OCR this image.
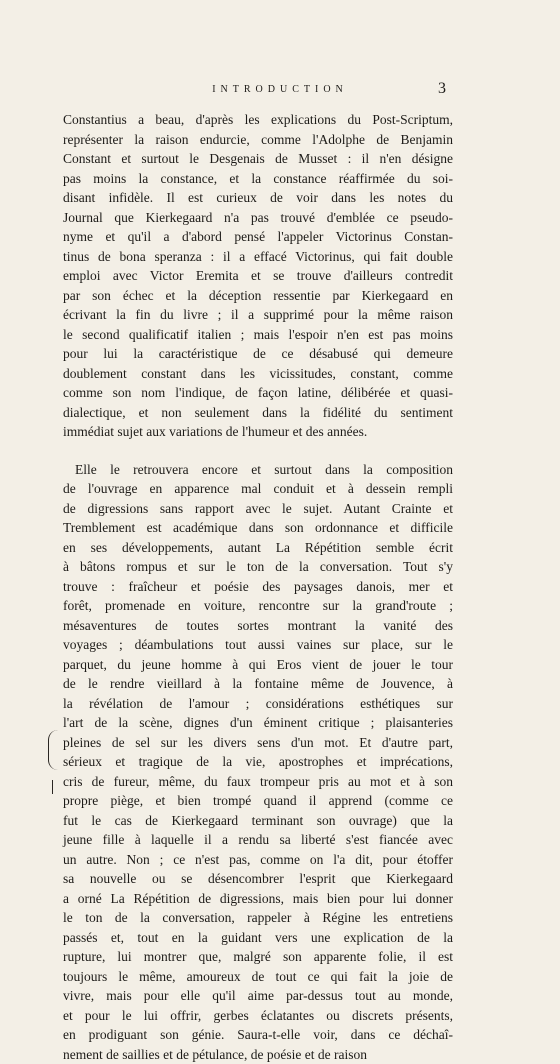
INTRODUCTION	3
Constantius a beau, d'après les explications du Post-Scriptum,
représenter la raison endurcie, comme l'Adolphe de Benjamin
Constant et surtout le Desgenais de Musset : il n'en désigne
pas moins la constance, et la constance réaffirmée du soi-
disant infidèle. Il est curieux de voir dans les notes du
Journal que Kierkegaard n'a pas trouvé d'emblée ce pseudo-
nyme et qu'il a d'abord pensé l'appeler Victorinus Constan-
tinus de bona speranza : il a effacé Victorinus, qui fait double
emploi avec Victor Eremita et se trouve d'ailleurs contredit
par son échec et la déception ressentie par Kierkegaard en
écrivant la fin du livre ; il a supprimé pour la même raison
le second qualificatif italien ; mais l'espoir n'en est pas moins
pour lui la caractéristique de ce désabusé qui demeure
doublement constant dans les vicissitudes, constant, comme
comme son nom l'indique, de façon latine, délibérée et quasi-
dialectique, et non seulement dans la fidélité du sentiment
immédiat sujet aux variations de l'humeur et des années.
Elle le retrouvera encore et surtout dans la composition
de l'ouvrage en apparence mal conduit et à dessein rempli
de digressions sans rapport avec le sujet. Autant Crainte et
Tremblement est académique dans son ordonnance et difficile
en ses développements, autant La Répétition semble écrit
à bâtons rompus et sur le ton de la conversation. Tout s'y
trouve : fraîcheur et poésie des paysages danois, mer et
forêt, promenade en voiture, rencontre sur la grand'route ;
mésaventures de toutes sortes montrant la vanité des
voyages ; déambulations tout aussi vaines sur place, sur le
parquet, du jeune homme à qui Eros vient de jouer le tour
de le rendre vieillard à la fontaine même de Jouvence, à
la révélation de l'amour ; considérations esthétiques sur
l'art de la scène, dignes d'un éminent critique ; plaisanteries
pleines de sel sur les divers sens d'un mot. Et d'autre part,
sérieux et tragique de la vie, apostrophes et imprécations,
cris de fureur, même, du faux trompeur pris au mot et à son
propre piège, et bien trompé quand il apprend (comme ce
fut le cas de Kierkegaard terminant son ouvrage) que la
jeune fille à laquelle il a rendu sa liberté s'est fiancée avec
un autre. Non ; ce n'est pas, comme on l'a dit, pour étoffer
sa nouvelle ou se désencombrer l'esprit que Kierkegaard
a orné La Répétition de digressions, mais bien pour lui donner
le ton de la conversation, rappeler à Régine les entretiens
passés et, tout en la guidant vers une explication de la
rupture, lui montrer que, malgré son apparente folie, il est
toujours le même, amoureux de tout ce qui fait la joie de
vivre, mais pour elle qu'il aime par-dessus tout au monde,
et pour le lui offrir, gerbes éclatantes ou discrets présents,
en prodiguant son génie. Saura-t-elle voir, dans ce déchaî-
nement de saillies et de pétulance, de poésie et de raison
